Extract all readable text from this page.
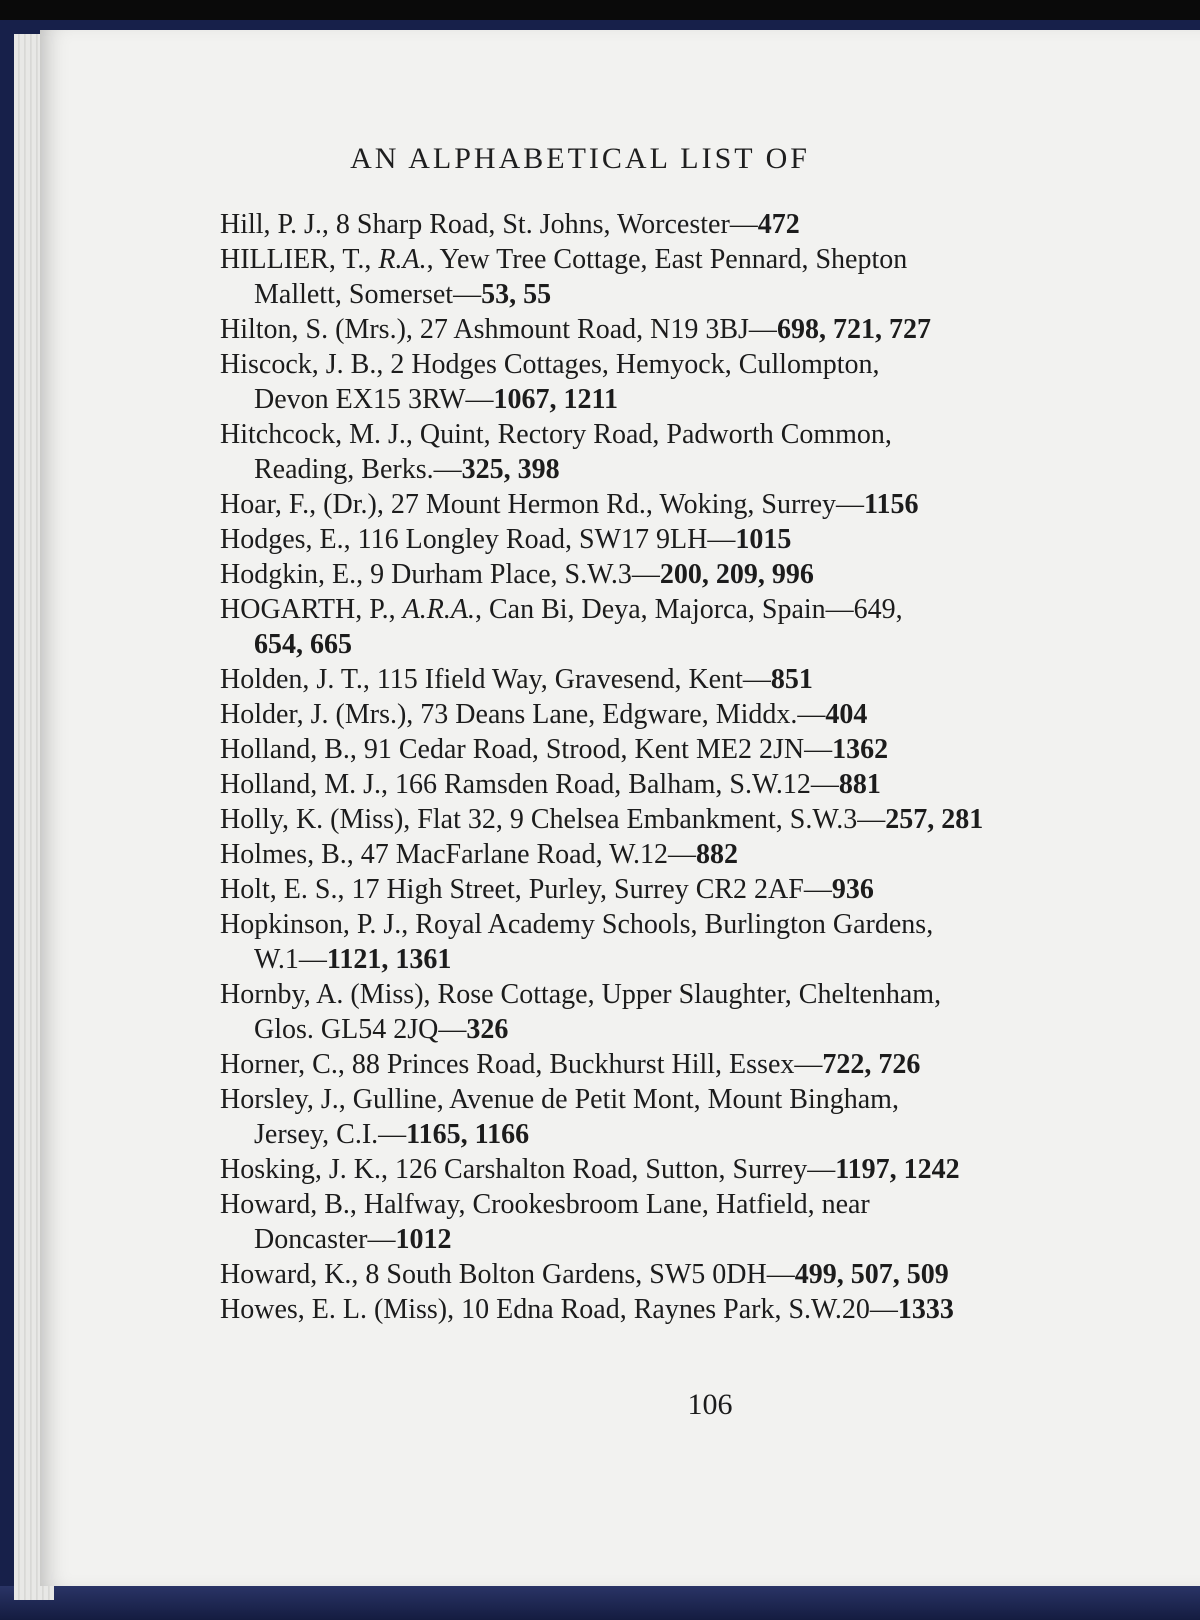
AN ALPHABETICAL LIST OF

Hill, P. J., 8 Sharp Road, St. Johns, Worcester—472

HILLIER, T., R.A., Yew Tree Cottage, East Pennard, Shepton
Mallett, Somerset—53, 55

Hilton, S. (Mrs.), 27 Ashmount Road, N19 3BJ—698, 721, 727

Hiscock, J. B., 2 Hodges Cottages, Hemyock, Cullompton,
Devon EX15 3RW—1067, 1211

Hitchcock, M. J., Quint, Rectory Road, Padworth Common,
Reading, Berks.—325, 398

Hoar, F., (Dr.), 27 Mount Hermon Rd., Woking, Surrey—1156

Hodges, E., 116 Longley Road, SW17 9LH—1015

Hodgkin, E., 9 Durham Place, S.W.3—200, 209, 996

HOGARTH, P., A.R.A., Can Bi, Deya, Majorca, Spain—649,
654, 665

Holden, J. T., 115 Ifield Way, Gravesend, Kent—851

Holder, J. (Mrs.), 73 Deans Lane, Edgware, Middx.—404

Holland, B., 91 Cedar Road, Strood, Kent ME2 2JN—1362

Holland, M. J., 166 Ramsden Road, Balham, S.W.12—881

Holly, K. (Miss), Flat 32, 9 Chelsea Embankment, S.W.3—257, 281

Holmes, B., 47 MacFarlane Road, W.12—882

Holt, E. S., 17 High Street, Purley, Surrey CR2 2AF—936

Hopkinson, P. J., Royal Academy Schools, Burlington Gardens,
W.1—1121, 1361

Hornby, A. (Miss), Rose Cottage, Upper Slaughter, Cheltenham,
Glos. GL54 2JQ—326

Horner, C., 88 Princes Road, Buckhurst Hill, Essex—722, 726

Horsley, J., Gulline, Avenue de Petit Mont, Mount Bingham,
Jersey, C.I.—1165, 1166

Hosking, J. K., 126 Carshalton Road, Sutton, Surrey—1197, 1242

Howard, B., Halfway, Crookesbroom Lane, Hatfield, near
Doncaster—1012

Howard, K., 8 South Bolton Gardens, SW5 0DH—499, 507, 509

Howes, E. L. (Miss), 10 Edna Road, Raynes Park, S.W.20—1333

106
